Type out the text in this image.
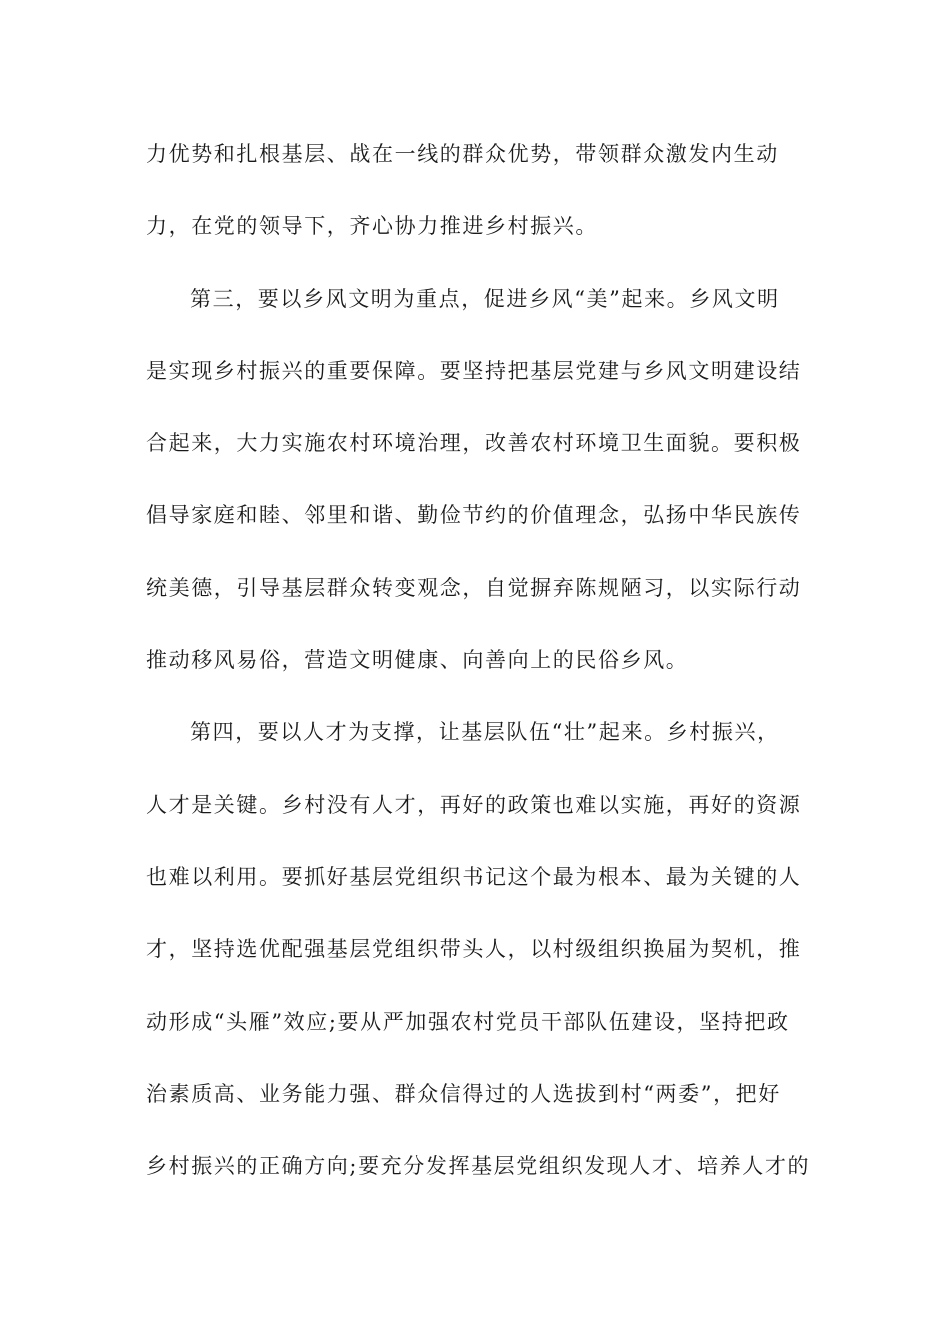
力优势和扎根基层、战在一线的群众优势，带领群众激发内生动
力，在党的领导下，齐心协力推进乡村振兴。
第三，要以乡风文明为重点，促进乡风“美”起来。乡风文明
是实现乡村振兴的重要保障。要坚持把基层党建与乡风文明建设结
合起来，大力实施农村环境治理，改善农村环境卫生面貌。要积极
倡导家庭和睦、邻里和谐、勤俭节约的价值理念，弘扬中华民族传
统美德，引导基层群众转变观念，自觉摒弃陈规陋习，以实际行动
推动移风易俗，营造文明健康、向善向上的民俗乡风。
第四，要以人才为支撑，让基层队伍“壮”起来。乡村振兴，
人才是关键。乡村没有人才，再好的政策也难以实施，再好的资源
也难以利用。要抓好基层党组织书记这个最为根本、最为关键的人
才，坚持选优配强基层党组织带头人，以村级组织换届为契机，推
动形成“头雁”效应;要从严加强农村党员干部队伍建设，坚持把政
治素质高、业务能力强、群众信得过的人选拔到村“两委”，把好
乡村振兴的正确方向;要充分发挥基层党组织发现人才、培养人才的
